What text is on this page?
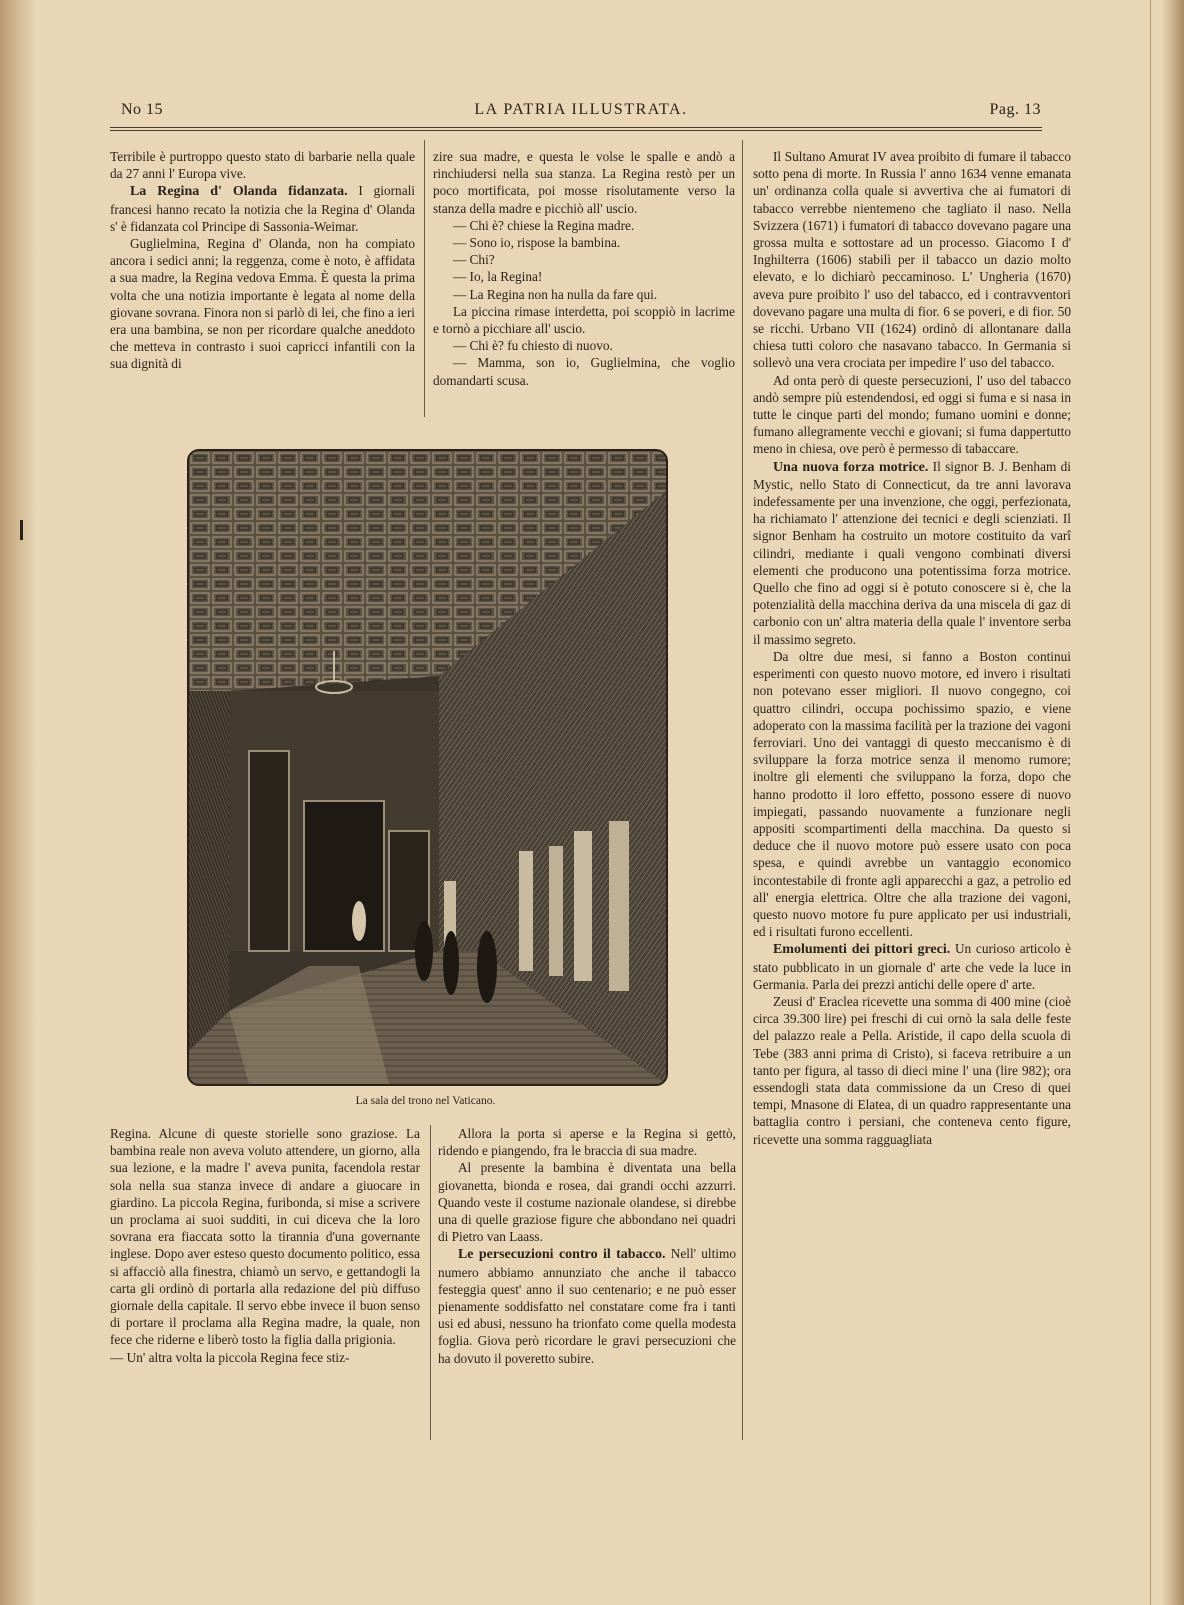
No 15	LA PATRIA ILLUSTRATA.	Pag. 13

Terribile è purtroppo questo stato di barbarie nella quale da 27 anni l' Europa vive.

La Regina d' Olanda fidanzata. I giornali francesi hanno recato la notizia che la Regina d' Olanda s' è fidanzata col Principe di Sassonia-Weimar.

Guglielmina, Regina d' Olanda, non ha compiato ancora i sedici anni; la reggenza, come è noto, è affidata a sua madre, la Regina vedova Emma. È questa la prima volta che una notizia importante è legata al nome della giovane sovrana. Finora non si parlò di lei, che fino a ieri era una bambina, se non per ricordare qualche aneddoto che metteva in contrasto i suoi capricci infantili con la sua dignità di

zire sua madre, e questa le volse le spalle e andò a rinchiudersi nella sua stanza. La Regina restò per un poco mortificata, poi mosse risolutamente verso la stanza della madre e picchiò all' uscio.

— Chi è? chiese la Regina madre.

— Sono io, rispose la bambina.

— Chi?

— Io, la Regina!

— La Regina non ha nulla da fare qui.

La piccina rimase interdetta, poi scoppiò in lacrime e tornò a picchiare all' uscio.

— Chi è? fu chiesto di nuovo.

— Mamma, son io, Guglielmina, che voglio domandarti scusa.

Il Sultano Amurat IV avea proibito di fumare il tabacco sotto pena di morte. In Russia l' anno 1634 venne emanata un' ordinanza colla quale si avvertiva che ai fumatori di tabacco verrebbe nientemeno che tagliato il naso. Nella Svizzera (1671) i fumatori di tabacco dovevano pagare una grossa multa e sottostare ad un processo. Giacomo I d' Inghilterra (1606) stabilì per il tabacco un dazio molto elevato, e lo dichiarò peccaminoso. L' Ungheria (1670) aveva pure proibito l' uso del tabacco, ed i contravventori dovevano pagare una multa di fior. 6 se poveri, e di fior. 50 se ricchi. Urbano VII (1624) ordinò di allontanare dalla chiesa tutti coloro che nasavano tabacco. In Germania si sollevò una vera crociata per impedire l' uso del tabacco.

Ad onta però di queste persecuzioni, l' uso del tabacco andò sempre più estendendosi, ed oggi si fuma e si nasa in tutte le cinque parti del mondo; fumano uomini e donne; fumano allegramente vecchi e giovani; si fuma dappertutto meno in chiesa, ove però è permesso di tabaccare.

Una nuova forza motrice. Il signor B. J. Benham di Mystic, nello Stato di Connecticut, da tre anni lavorava indefessamente per una invenzione, che oggi, perfezionata, ha richiamato l' attenzione dei tecnici e degli scienziati. Il signor Benham ha costruito un motore costituito da varî cilindri, mediante i quali vengono combinati diversi elementi che producono una potentissima forza motrice. Quello che fino ad oggi si è potuto conoscere si è, che la potenzialità della macchina deriva da una miscela di gaz di carbonio con un' altra materia della quale l' inventore serba il massimo segreto.

Da oltre due mesi, si fanno a Boston continui esperimenti con questo nuovo motore, ed invero i risultati non potevano esser migliori. Il nuovo congegno, coi quattro cilindri, occupa pochissimo spazio, e viene adoperato con la massima facilità per la trazione dei vagoni ferroviari. Uno dei vantaggi di questo meccanismo è di sviluppare la forza motrice senza il menomo rumore; inoltre gli elementi che sviluppano la forza, dopo che hanno prodotto il loro effetto, possono essere di nuovo impiegati, passando nuovamente a funzionare negli appositi scompartimenti della macchina. Da questo si deduce che il nuovo motore può essere usato con poca spesa, e quindi avrebbe un vantaggio economico incontestabile di fronte agli apparecchi a gaz, a petrolio ed all' energia elettrica. Oltre che alla trazione dei vagoni, questo nuovo motore fu pure applicato per usi industriali, ed i risultati furono eccellenti.

Emolumenti dei pittori greci. Un curioso articolo è stato pubblicato in un giornale d' arte che vede la luce in Germania. Parla dei prezzi antichi delle opere d' arte.

Zeusi d' Eraclea ricevette una somma di 400 mine (cioè circa 39.300 lire) pei freschi di cui ornò la sala delle feste del palazzo reale a Pella. Aristide, il capo della scuola di Tebe (383 anni prima di Cristo), si faceva retribuire a un tanto per figura, al tasso di dieci mine l' una (lire 982); ora essendogli stata data commissione da un Creso di quei tempi, Mnasone di Elatea, di un quadro rappresentante una battaglia contro i persiani, che conteneva cento figure, ricevette una somma ragguagliata

La sala del trono nel Vaticano.

Regina. Alcune di queste storielle sono graziose. La bambina reale non aveva voluto attendere, un giorno, alla sua lezione, e la madre l' aveva punita, facendola restar sola nella sua stanza invece di andare a giuocare in giardino. La piccola Regina, furibonda, si mise a scrivere un proclama ai suoi sudditi, in cui diceva che la loro sovrana era fiaccata sotto la tirannia d'una governante inglese. Dopo aver esteso questo documento politico, essa si affacciò alla finestra, chiamò un servo, e gettandogli la carta gli ordinò di portarla alla redazione del più diffuso giornale della capitale. Il servo ebbe invece il buon senso di portare il proclama alla Regina madre, la quale, non fece che riderne e liberò tosto la figlia dalla prigionia.

— Un' altra volta la piccola Regina fece stiz-

Allora la porta si aperse e la Regina si gettò, ridendo e piangendo, fra le braccia di sua madre.

Al presente la bambina è diventata una bella giovanetta, bionda e rosea, dai grandi occhi azzurri. Quando veste il costume nazionale olandese, si direbbe una di quelle graziose figure che abbondano nei quadri di Pietro van Laass.

Le persecuzioni contro il tabacco. Nell' ultimo numero abbiamo annunziato che anche il tabacco festeggia quest' anno il suo centenario; e ne può esser pienamente soddisfatto nel constatare come fra i tanti usi ed abusi, nessuno ha trionfato come quella modesta foglia. Giova però ricordare le gravi persecuzioni che ha dovuto il poveretto subire.
